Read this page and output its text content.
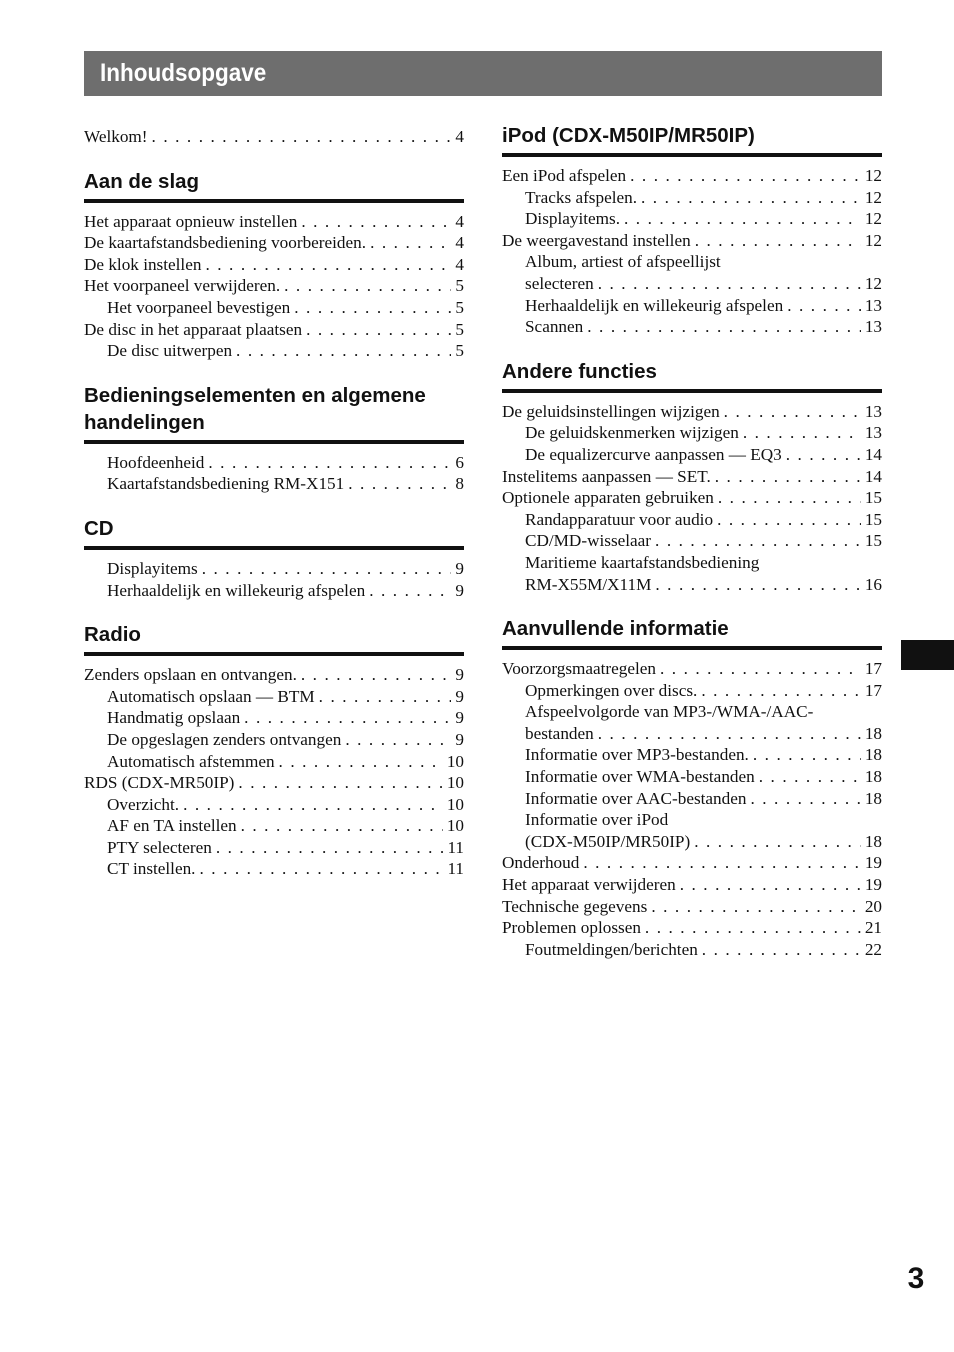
Inhoudsopgave
Welkom! . . .	4
Aan de slag
Het apparaat opnieuw instellen . . .	4
De kaartafstandsbediening voorbereiden. . . .	4
De klok instellen . . .	4
Het voorpaneel verwijderen. . . .	5
Het voorpaneel bevestigen . . .	5
De disc in het apparaat plaatsen . . .	5
De disc uitwerpen . . .	5
Bedieningselementen en algemene handelingen
Hoofdeenheid . . .	6
Kaartafstandsbediening RM-X151 . . .	8
CD
Displayitems . . .	9
Herhaaldelijk en willekeurig afspelen . . .	9
Radio
Zenders opslaan en ontvangen. . . .	9
Automatisch opslaan — BTM . . .	9
Handmatig opslaan . . .	9
De opgeslagen zenders ontvangen . . .	9
Automatisch afstemmen . . .	10
RDS (CDX-MR50IP) . . .	10
Overzicht. . . .	10
AF en TA instellen . . .	10
PTY selecteren . . .	11
CT instellen. . . .	11
iPod (CDX-M50IP/MR50IP)
Een iPod afspelen . . .	12
Tracks afspelen. . . .	12
Displayitems. . . .	12
De weergavestand instellen . . .	12
Album, artiest of afspeellijst
selecteren . . .	12
Herhaaldelijk en willekeurig afspelen . . .	13
Scannen . . .	13
Andere functies
De geluidsinstellingen wijzigen . . .	13
De geluidskenmerken wijzigen . . .	13
De equalizercurve aanpassen — EQ3 . . .	14
Instelitems aanpassen — SET. . . .	14
Optionele apparaten gebruiken . . .	15
Randapparatuur voor audio . . .	15
CD/MD-wisselaar . . .	15
Maritieme kaartafstandsbediening
RM-X55M/X11M . . .	16
Aanvullende informatie
Voorzorgsmaatregelen . . .	17
Opmerkingen over discs. . . .	17
Afspeelvolgorde van MP3-/WMA-/AAC-
bestanden . . .	18
Informatie over MP3-bestanden. . . .	18
Informatie over WMA-bestanden . . .	18
Informatie over AAC-bestanden . . .	18
Informatie over iPod
(CDX-M50IP/MR50IP) . . .	18
Onderhoud . . .	19
Het apparaat verwijderen . . .	19
Technische gegevens . . .	20
Problemen oplossen . . .	21
Foutmeldingen/berichten . . .	22
3
